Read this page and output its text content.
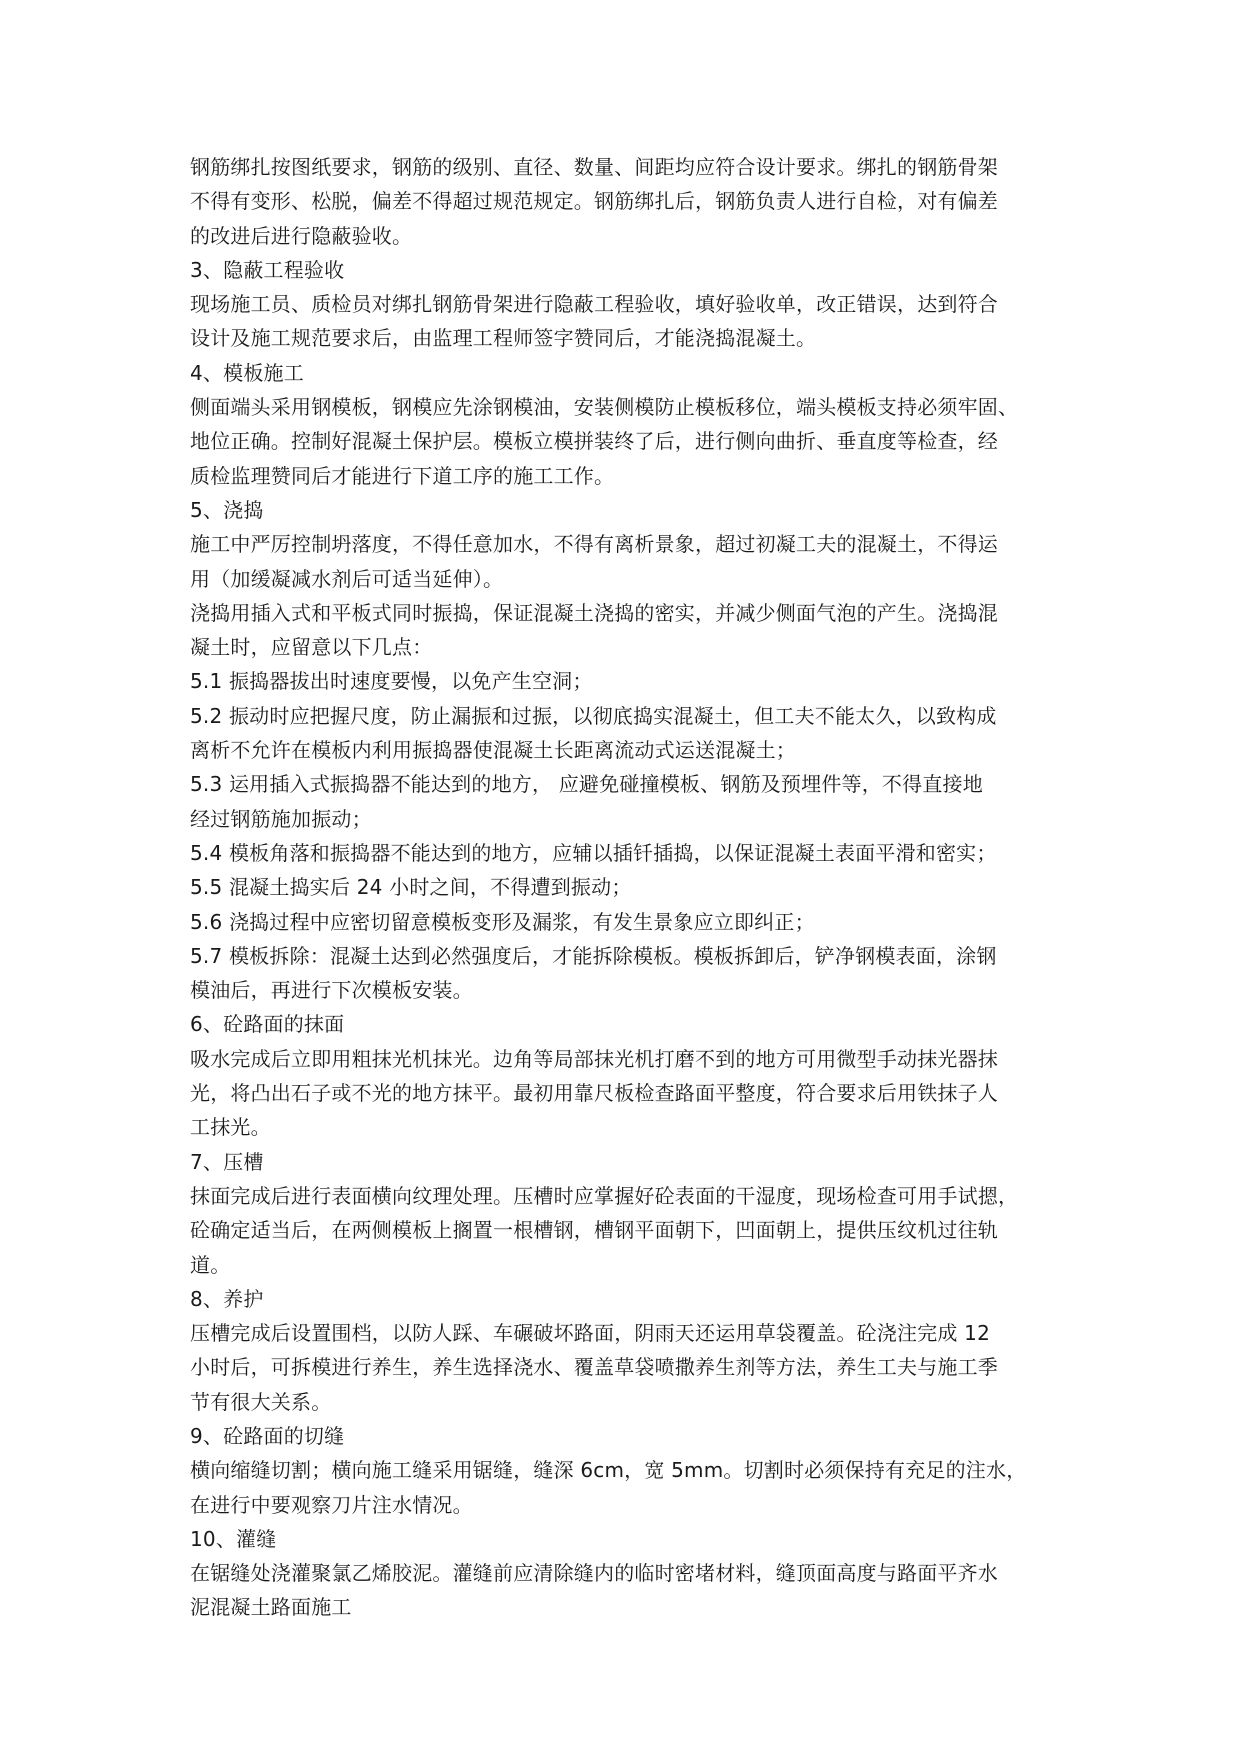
钢筋绑扎按图纸要求，钢筋的级别、直径、数量、间距均应符合设计要求。绑扎的钢筋骨架
不得有变形、松脱，偏差不得超过规范规定。钢筋绑扎后，钢筋负责人进行自检，对有偏差
的改进后进行隐蔽验收。
3、隐蔽工程验收
现场施工员、质检员对绑扎钢筋骨架进行隐蔽工程验收，填好验收单，改正错误，达到符合
设计及施工规范要求后，由监理工程师签字赞同后，才能浇捣混凝土。
4、模板施工
侧面端头采用钢模板，钢模应先涂钢模油，安装侧模防止模板移位，端头模板支持必须牢固、
地位正确。控制好混凝土保护层。模板立模拼装终了后，进行侧向曲折、垂直度等检查，经
质检监理赞同后才能进行下道工序的施工工作。
5、浇捣
施工中严厉控制坍落度，不得任意加水，不得有离析景象，超过初凝工夫的混凝土，不得运
用（加缓凝减水剂后可适当延伸）。
浇捣用插入式和平板式同时振捣，保证混凝土浇捣的密实，并减少侧面气泡的产生。浇捣混
凝土时，应留意以下几点：
5.1 振捣器拔出时速度要慢，以免产生空洞；
5.2 振动时应把握尺度，防止漏振和过振，以彻底捣实混凝土，但工夫不能太久，以致构成
离析不允许在模板内利用振捣器使混凝土长距离流动式运送混凝土；
5.3 运用插入式振捣器不能达到的地方， 应避免碰撞模板、钢筋及预埋件等，不得直接地
经过钢筋施加振动；
5.4 模板角落和振捣器不能达到的地方，应辅以插钎插捣，以保证混凝土表面平滑和密实；
5.5 混凝土捣实后 24 小时之间，不得遭到振动；
5.6 浇捣过程中应密切留意模板变形及漏浆，有发生景象应立即纠正；
5.7 模板拆除：混凝土达到必然强度后，才能拆除模板。模板拆卸后，铲净钢模表面，涂钢
模油后，再进行下次模板安装。
6、砼路面的抹面
吸水完成后立即用粗抹光机抹光。边角等局部抹光机打磨不到的地方可用微型手动抹光器抹
光，将凸出石子或不光的地方抹平。最初用靠尺板检查路面平整度，符合要求后用铁抹子人
工抹光。
7、压槽
抹面完成后进行表面横向纹理处理。压槽时应掌握好砼表面的干湿度，现场检查可用手试摁，
砼确定适当后，在两侧模板上搁置一根槽钢，槽钢平面朝下，凹面朝上，提供压纹机过往轨
道。
8、养护
压槽完成后设置围档，以防人踩、车碾破坏路面，阴雨天还运用草袋覆盖。砼浇注完成 12
小时后，可拆模进行养生，养生选择浇水、覆盖草袋喷撒养生剂等方法，养生工夫与施工季
节有很大关系。
9、砼路面的切缝
横向缩缝切割；横向施工缝采用锯缝，缝深 6cm，宽 5mm。切割时必须保持有充足的注水，
在进行中要观察刀片注水情况。
10、灌缝
在锯缝处浇灌聚氯乙烯胶泥。灌缝前应清除缝内的临时密堵材料，缝顶面高度与路面平齐水
泥混凝土路面施工
